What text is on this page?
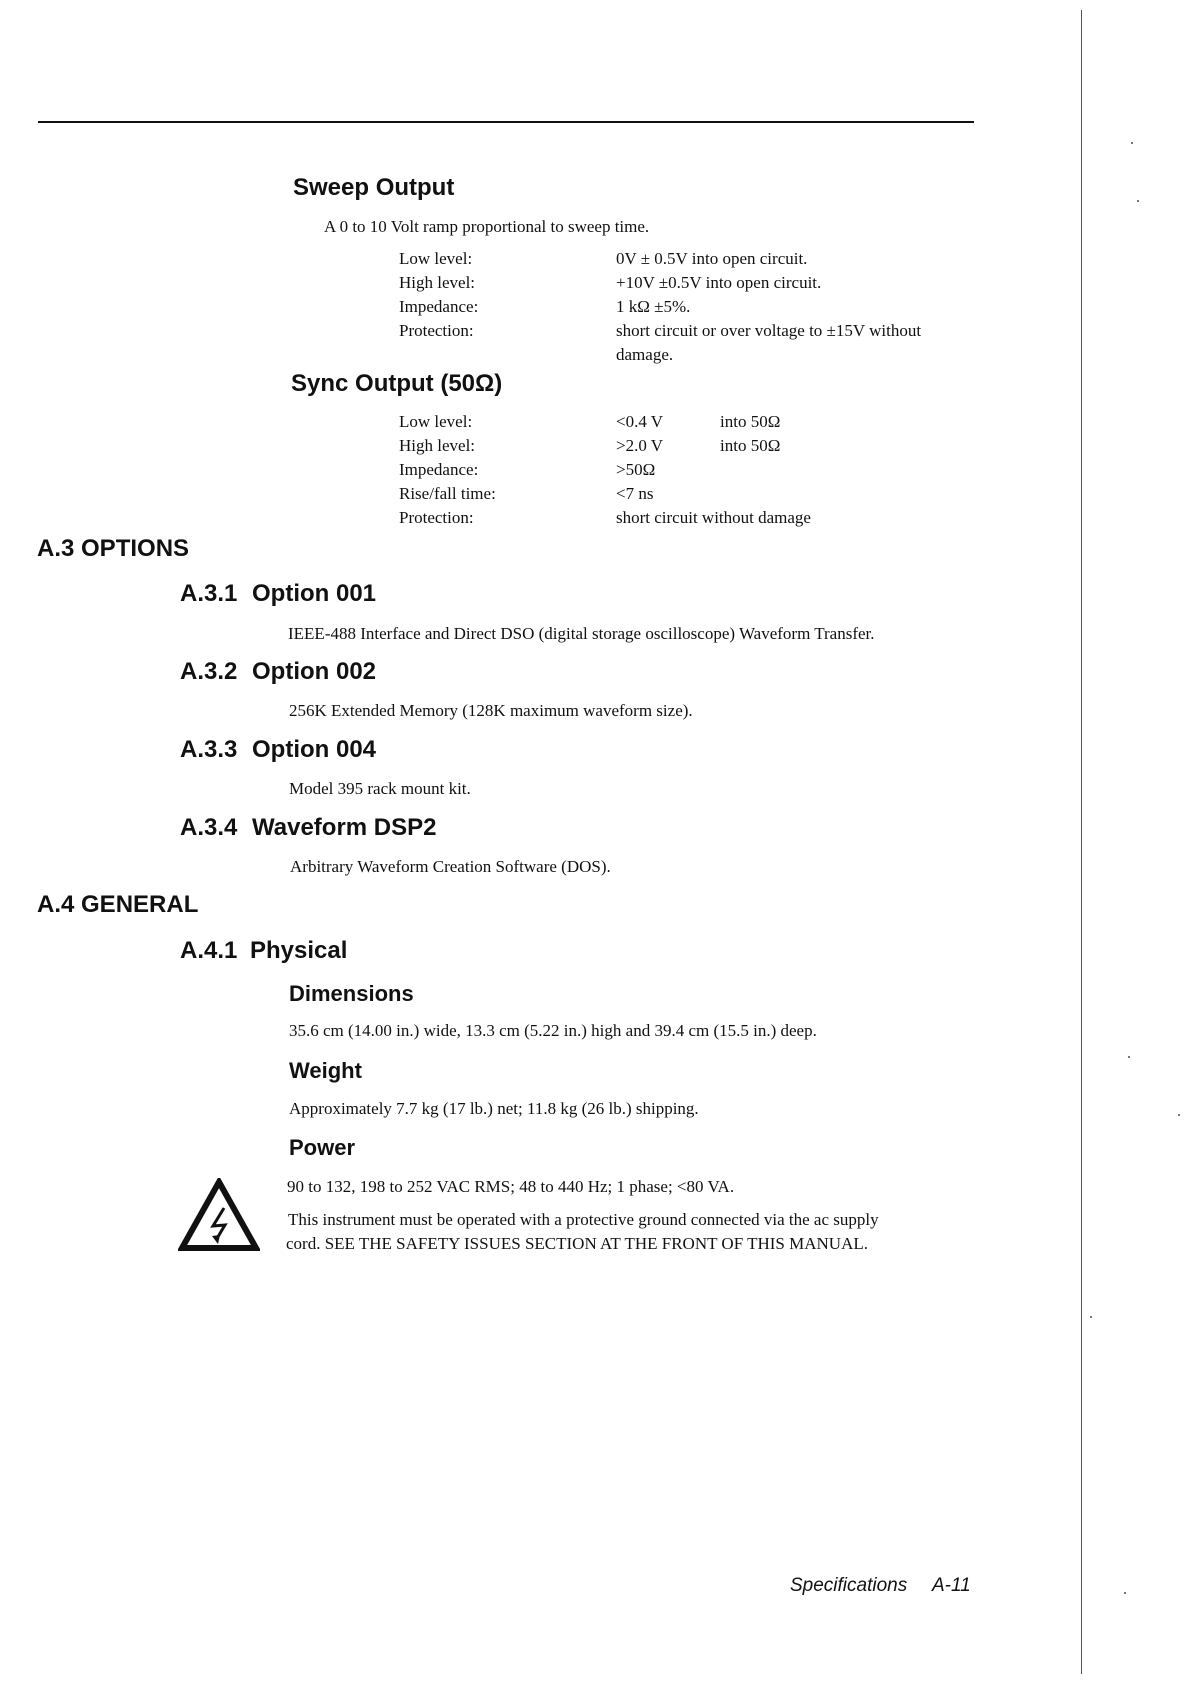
Sweep Output
A 0 to 10 Volt ramp proportional to sweep time.
Low level:	0V ± 0.5V into open circuit.
High level:	+10V ±0.5V into open circuit.
Impedance:	1 kΩ ±5%.
Protection:	short circuit or over voltage to ±15V without
damage.
Sync Output (50Ω)
Low level:	<0.4 V	into 50Ω
High level:	>2.0 V	into 50Ω
Impedance:	>50Ω
Rise/fall time:	<7 ns
Protection:	short circuit without damage
A.3 OPTIONS
A.3.1 Option 001
IEEE-488 Interface and Direct DSO (digital storage oscilloscope) Waveform Transfer.
A.3.2 Option 002
256K Extended Memory (128K maximum waveform size).
A.3.3 Option 004
Model 395 rack mount kit.
A.3.4 Waveform DSP2
Arbitrary Waveform Creation Software (DOS).
A.4 GENERAL
A.4.1 Physical
Dimensions
35.6 cm (14.00 in.) wide, 13.3 cm (5.22 in.) high and 39.4 cm (15.5 in.) deep.
Weight
Approximately 7.7 kg (17 lb.) net; 11.8 kg (26 lb.) shipping.
Power
90 to 132, 198 to 252 VAC RMS; 48 to 440 Hz; 1 phase; <80 VA.
This instrument must be operated with a protective ground connected via the ac supply
cord. SEE THE SAFETY ISSUES SECTION AT THE FRONT OF THIS MANUAL.
Specifications A-11
